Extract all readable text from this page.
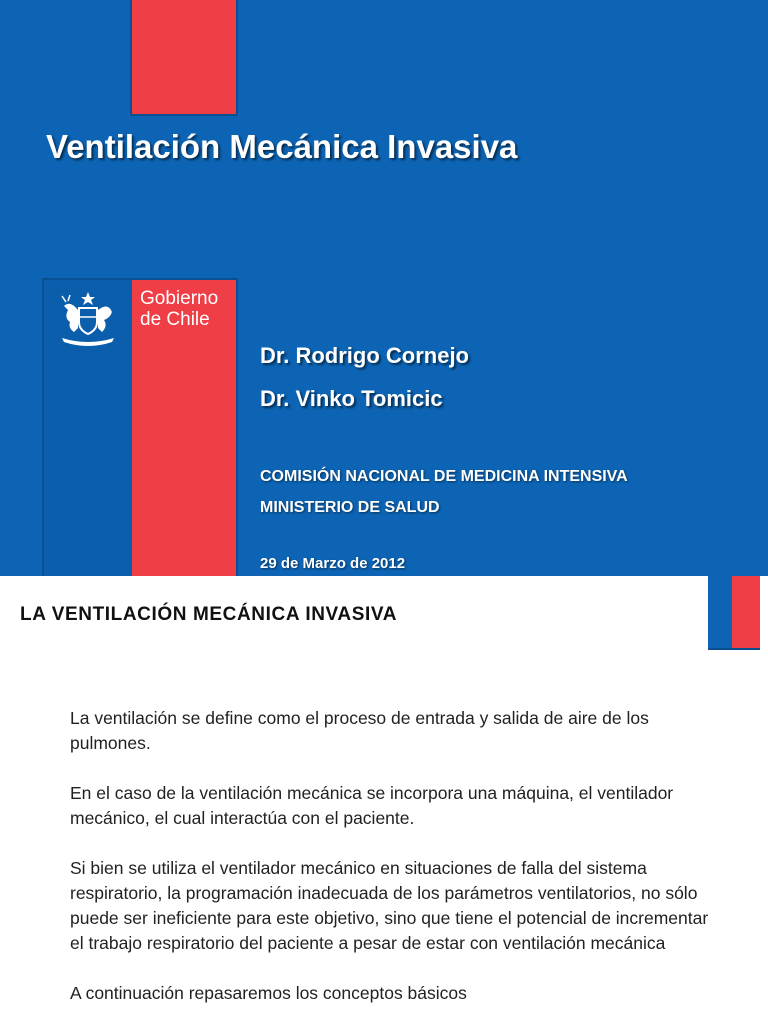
Ventilación Mecánica Invasiva
Gobierno
de Chile
Dr. Rodrigo Cornejo
Dr. Vinko Tomicic
COMISIÓN NACIONAL DE MEDICINA INTENSIVA
MINISTERIO DE SALUD
29 de Marzo de 2012
LA VENTILACIÓN MECÁNICA INVASIVA

La ventilación se define como el proceso de entrada y salida de aire de los pulmones.

En el caso de la ventilación mecánica se incorpora una máquina, el ventilador mecánico, el cual interactúa con el paciente.

Si bien se utiliza el ventilador mecánico en situaciones de falla del sistema respiratorio, la programación inadecuada de los parámetros ventilatorios, no sólo puede ser ineficiente para este objetivo, sino que tiene el potencial de incrementar el trabajo respiratorio del paciente a pesar de estar con ventilación mecánica

A continuación repasaremos los conceptos básicos
